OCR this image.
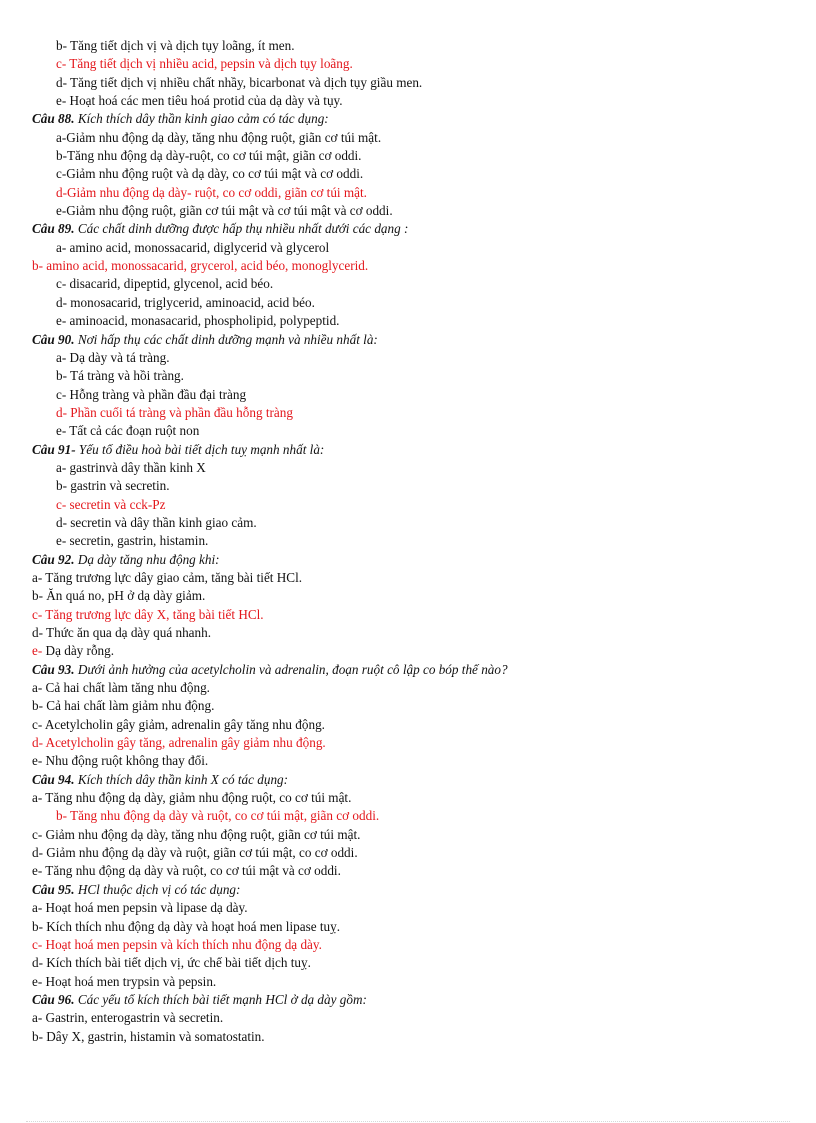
b- Tăng tiết dịch vị và dịch tụy loãng, ít men.
c- Tăng tiết dịch vị nhiều acid, pepsin và dịch tụy loãng.
d- Tăng tiết dịch vị nhiều chất nhầy, bicarbonat và dịch tụy giầu men.
e- Hoạt hoá các men tiêu hoá protid của dạ dày và tụy.
Câu 88. Kích thích dây thần kinh giao cảm có tác dụng:
a-Giảm nhu động dạ dày, tăng nhu động ruột, giãn cơ túi mật.
b-Tăng nhu động dạ dày-ruột, co cơ túi mật, giãn cơ oddi.
c-Giảm nhu động ruột và dạ dày, co cơ túi mật và cơ oddi.
d-Giảm nhu động dạ dày- ruột, co cơ oddi, giãn cơ túi mật.
e-Giảm nhu động ruột, giãn cơ túi mật và cơ túi mật và cơ oddi.
Câu 89. Các chất dinh dưỡng được hấp thụ nhiều nhất dưới các dạng :
a- amino acid, monossacarid, diglycerid và glycerol
b- amino acid, monossacarid, grycerol, acid béo, monoglycerid.
c- disacarid, dipeptid, glycenol, acid béo.
d- monosacarid, triglycerid, aminoacid, acid béo.
e- aminoacid, monasacarid, phospholipid, polypeptid.
Câu 90. Nơi hấp thụ các chất dinh dưỡng mạnh và nhiều nhất là:
a- Dạ dày và tá tràng.
b- Tá tràng và hồi tràng.
c- Hỗng tràng và phần đầu đại tràng
d- Phần cuối tá tràng và phần đầu hỗng tràng
e- Tất cả các đoạn ruột non
Câu 91- Yếu tố điều hoà bài tiết dịch tuỵ mạnh nhất là:
a- gastrinvà dây thần kinh X
b- gastrin và secretin.
c- secretin và cck-Pz
d- secretin và dây thần kinh giao cảm.
e- secretin, gastrin, histamin.
Câu 92. Dạ dày tăng nhu động khi:
a- Tăng trương lực dây giao cảm, tăng bài tiết HCl.
b- Ăn quá no, pH ở dạ dày giảm.
c- Tăng trương lực dây X, tăng bài tiết HCl.
d- Thức ăn qua dạ dày quá nhanh.
e- Dạ dày rỗng.
Câu 93. Dưới ảnh hưởng của acetylcholin và adrenalin, đoạn ruột cô lập co bóp thế nào?
a- Cả hai chất làm tăng nhu động.
b- Cả hai chất làm giảm nhu động.
c- Acetylcholin gây giảm, adrenalin gây tăng nhu động.
d- Acetylcholin gây tăng, adrenalin gây giảm nhu động.
e- Nhu động ruột không thay đổi.
Câu 94. Kích thích dây thần kinh X có tác dụng:
a- Tăng nhu động dạ dày, giảm nhu động ruột, co cơ túi mật.
b- Tăng nhu động dạ dày và ruột, co cơ túi mật, giãn cơ oddi.
c- Giảm nhu động dạ dày, tăng nhu động ruột, giãn cơ túi mật.
d- Giảm nhu động dạ dày và ruột, giãn cơ túi mật, co cơ oddi.
e- Tăng nhu động dạ dày và ruột, co cơ túi mật và cơ oddi.
Câu 95. HCl thuộc dịch vị có tác dụng:
a- Hoạt hoá men pepsin và lipase dạ dày.
b- Kích thích nhu động dạ dày và hoạt hoá men lipase tuỵ.
c- Hoạt hoá men pepsin và kích thích nhu động dạ dày.
d- Kích thích bài tiết dịch vị, ức chế bài tiết dịch tuỵ.
e- Hoạt hoá men trypsin và pepsin.
Câu 96. Các yếu tố kích thích bài tiết mạnh HCl ở dạ dày gồm:
a- Gastrin, enterogastrin và secretin.
b- Dây X, gastrin, histamin và somatostatin.
